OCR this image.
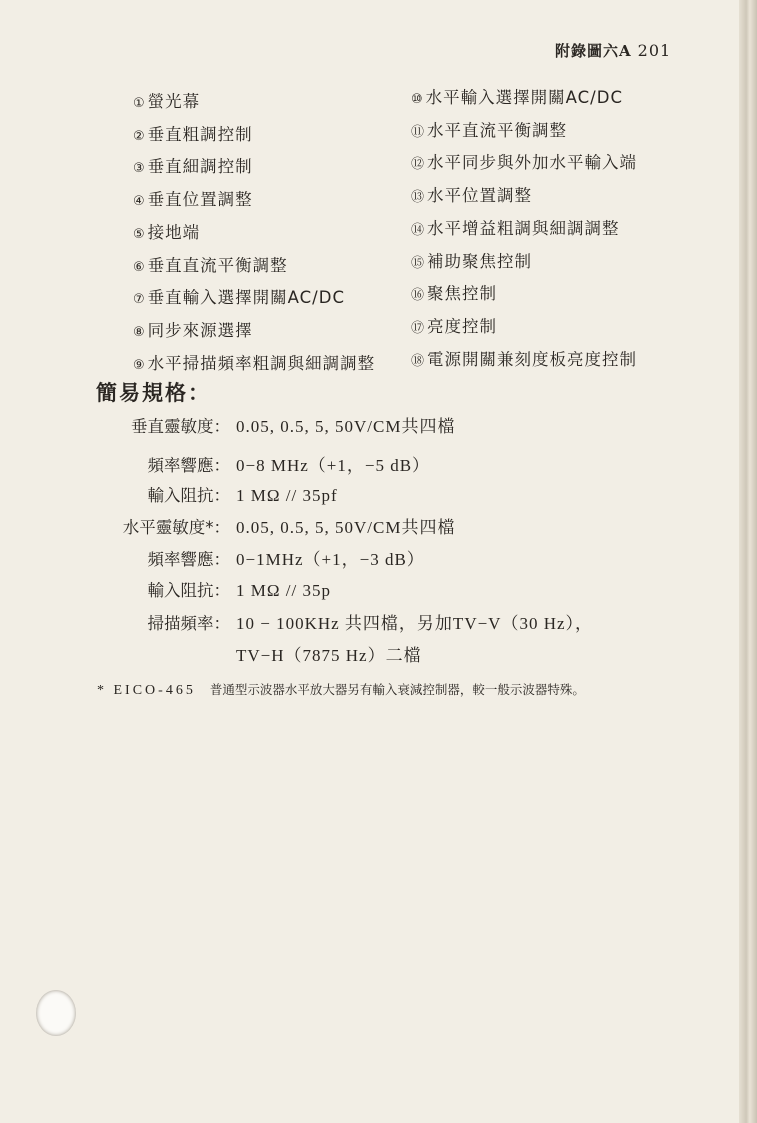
附錄圖六A 201
簡易規格：
* EICO-465 普通型示波器水平放大器另有輸入衰減控制器，較一般示波器特殊。
① 螢光幕
② 垂直粗調控制
③ 垂直細調控制
④ 垂直位置調整
⑤ 接地端
⑥ 垂直直流平衡調整
⑦ 垂直輸入選擇開關AC/DC
⑧ 同步來源選擇
⑨ 水平掃描頻率粗調與細調調整
⑩ 水平輸入選擇開關AC/DC
⑪ 水平直流平衡調整
⑫ 水平同步與外加水平輸入端
⑬ 水平位置調整
⑭ 水平增益粗調與細調調整
⑮ 補助聚焦控制
⑯ 聚焦控制
⑰ 亮度控制
⑱ 電源開關兼刻度板亮度控制
垂直靈敏度： 0.05, 0.5, 5, 50V/CM共四檔
頻率響應： 0−8 MHz（+1，−5 dB）
輸入阻抗： 1 MΩ // 35pf
水平靈敏度*： 0.05, 0.5, 5, 50V/CM共四檔
頻率響應： 0−1MHz（+1，−3 dB）
輸入阻抗： 1 MΩ // 35p
掃描頻率： 10 − 100KHz 共四檔，另加TV−V（30 Hz），
TV−H（7875 Hz）二檔
